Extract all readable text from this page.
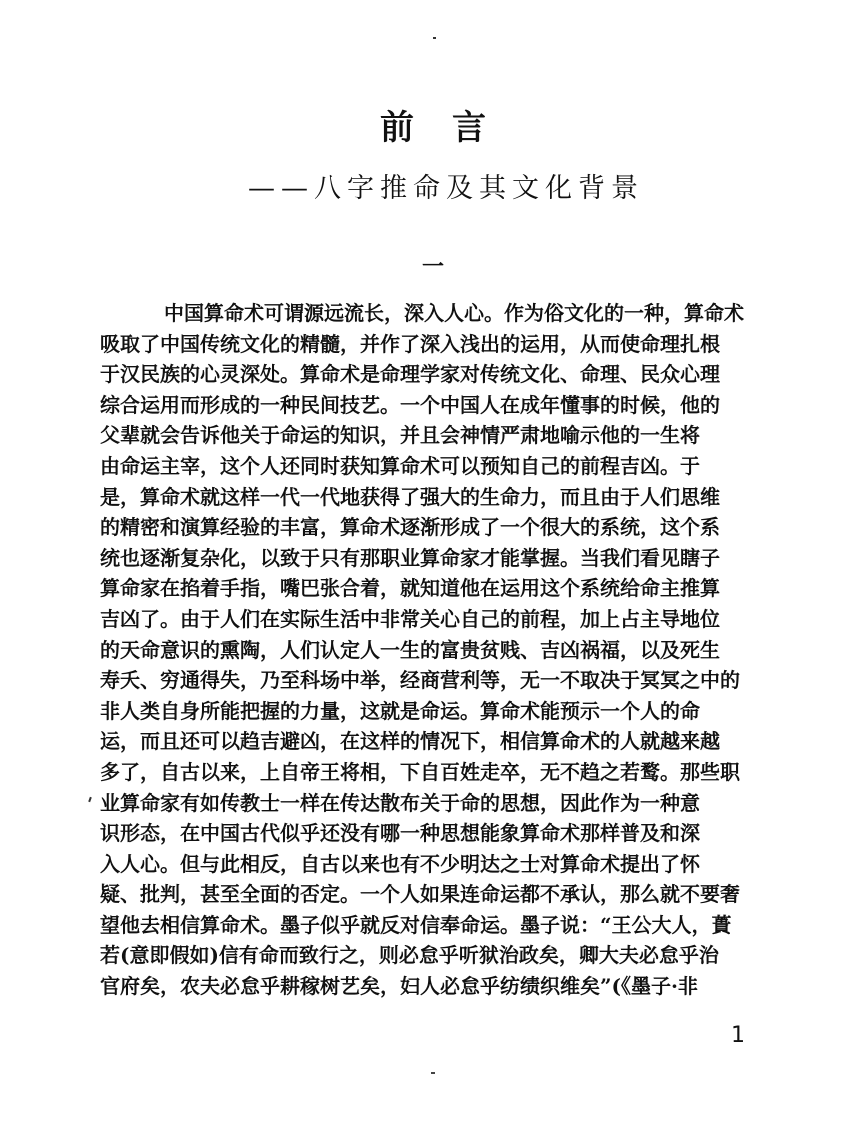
前言
——八字推命及其文化背景
一
中国算命术可谓源远流长，深入人心。作为俗文化的一种，算命术
吸取了中国传统文化的精髓，并作了深入浅出的运用，从而使命理扎根
于汉民族的心灵深处。算命术是命理学家对传统文化、命理、民众心理
综合运用而形成的一种民间技艺。一个中国人在成年懂事的时候，他的
父辈就会告诉他关于命运的知识，并且会神情严肃地喻示他的一生将
由命运主宰，这个人还同时获知算命术可以预知自己的前程吉凶。于
是，算命术就这样一代一代地获得了强大的生命力，而且由于人们思维
的精密和演算经验的丰富，算命术逐渐形成了一个很大的系统，这个系
统也逐渐复杂化，以致于只有那职业算命家才能掌握。当我们看见瞎子
算命家在掐着手指，嘴巴张合着，就知道他在运用这个系统给命主推算
吉凶了。由于人们在实际生活中非常关心自己的前程，加上占主导地位
的天命意识的熏陶，人们认定人一生的富贵贫贱、吉凶祸福，以及死生
寿夭、穷通得失，乃至科场中举，经商营利等，无一不取决于冥冥之中的
非人类自身所能把握的力量，这就是命运。算命术能预示一个人的命
运，而且还可以趋吉避凶，在这样的情况下，相信算命术的人就越来越
多了，自古以来，上自帝王将相，下自百姓走卒，无不趋之若鹜。那些职
业算命家有如传教士一样在传达散布关于命的思想，因此作为一种意
识形态，在中国古代似乎还没有哪一种思想能象算命术那样普及和深
入人心。但与此相反，自古以来也有不少明达之士对算命术提出了怀
疑、批判，甚至全面的否定。一个人如果连命运都不承认，那么就不要奢
望他去相信算命术。墨子似乎就反对信奉命运。墨子说：“王公大人，蕢
若(意即假如)信有命而致行之，则必怠乎听狱治政矣，卿大夫必怠乎治
官府矣，农夫必怠乎耕稼树艺矣，妇人必怠乎纺绩织维矣”(《墨子·非
1
